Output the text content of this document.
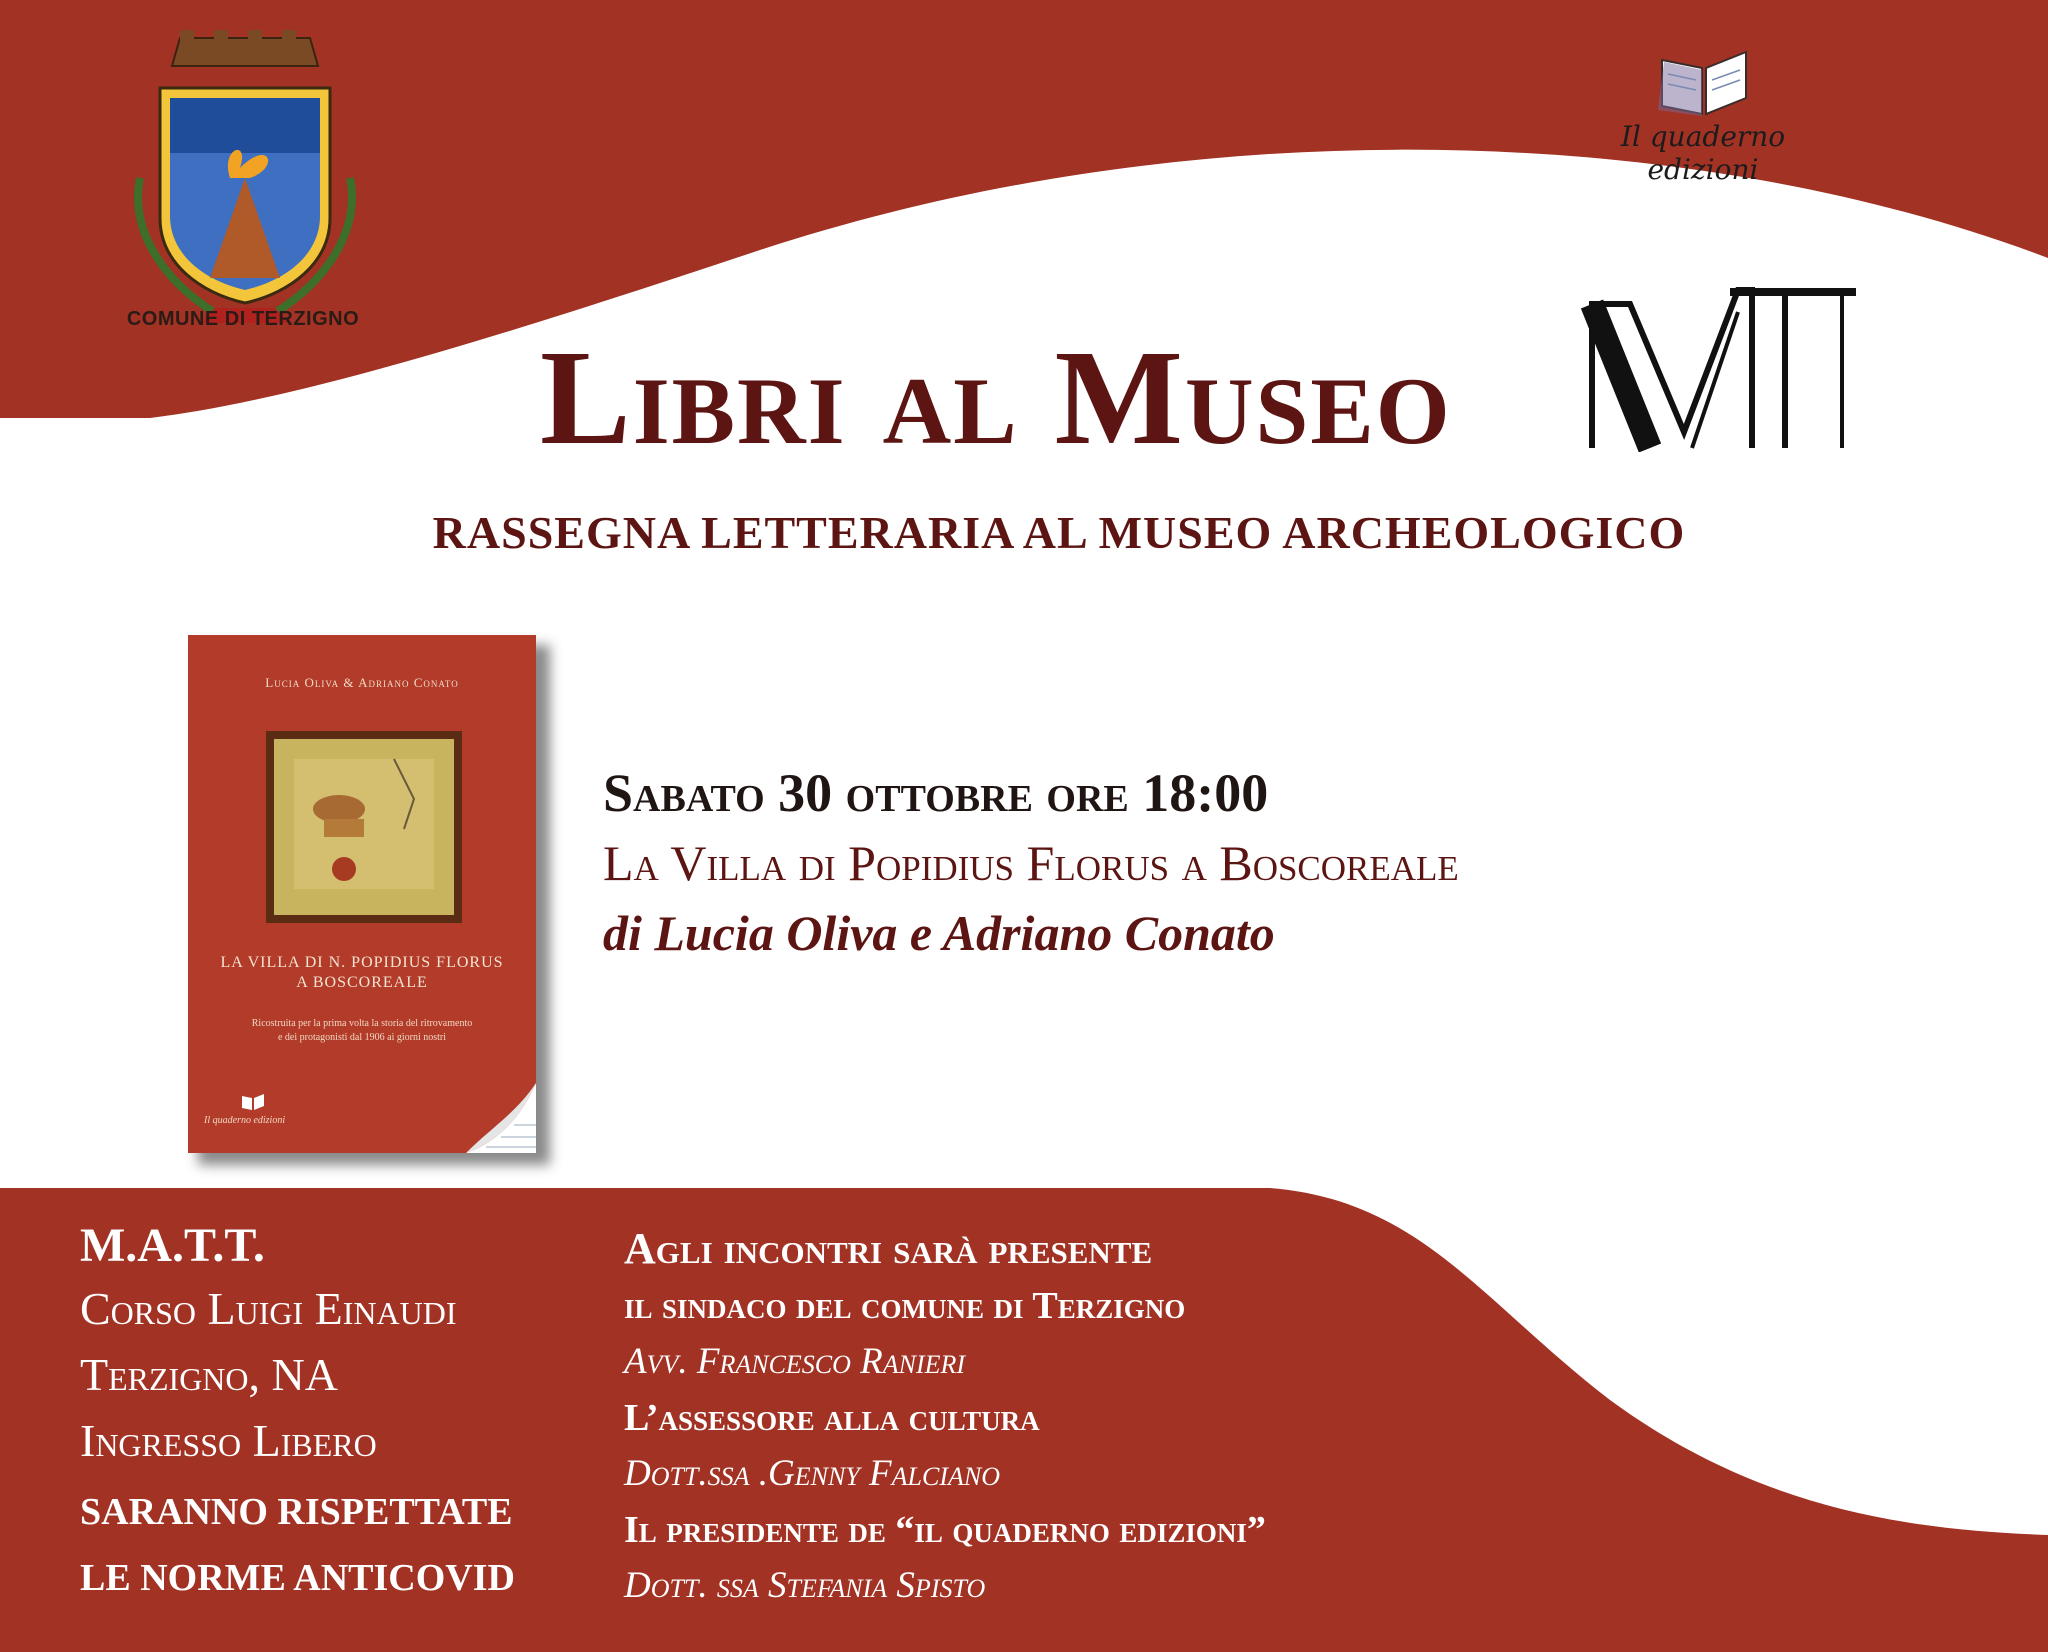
COMUNE DI TERZIGNO
Il quaderno edizioni
Libri al Museo
RASSEGNA LETTERARIA AL MUSEO ARCHEOLOGICO
Lucia Oliva & Adriano Conato
LA VILLA DI N. POPIDIUS FLORUS
A BOSCOREALE
Ricostruita per la prima volta la storia del ritrovamento
e dei protagonisti dal 1906 ai giorni nostri
Il quaderno edizioni
Sabato 30 ottobre ore 18:00
La Villa di Popidius Florus a Boscoreale
di Lucia Oliva e Adriano Conato
M.A.T.T.
Corso Luigi Einaudi
Terzigno, NA
Ingresso Libero
SARANNO RISPETTATE
LE NORME ANTICOVID
Agli incontri sarà presente
il sindaco del comune di Terzigno
Avv. Francesco Ranieri
L’assessore alla cultura
Dott.ssa .Genny Falciano
Il presidente de “il quaderno edizioni”
Dott. ssa Stefania Spisto
